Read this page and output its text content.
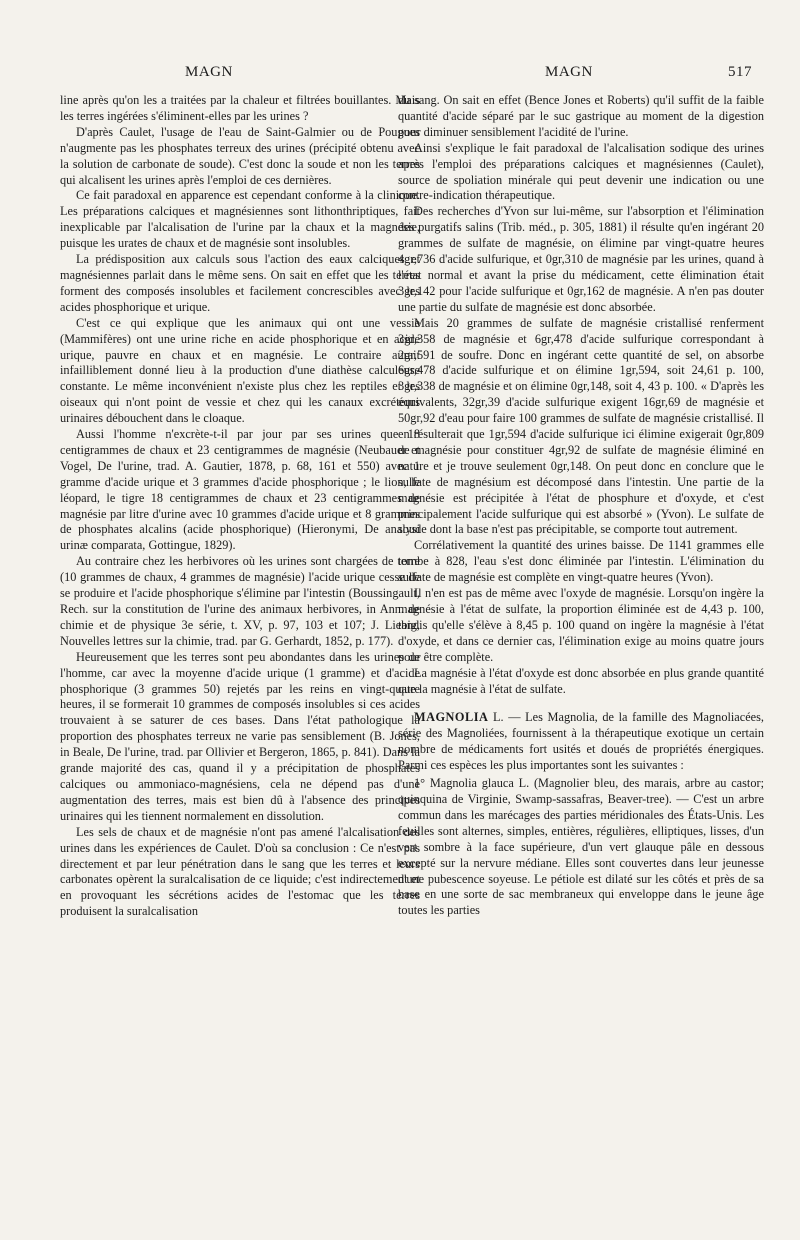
MAGN	MAGN	517

line après qu'on les a traitées par la chaleur et filtrées bouillantes. Mais les terres ingérées s'éliminent-elles par les urines ?

D'après Caulet, l'usage de l'eau de Saint-Galmier ou de Pougues n'augmente pas les phosphates terreux des urines (précipité obtenu avec la solution de carbonate de soude). C'est donc la soude et non les terres qui alcalisent les urines après l'emploi de ces dernières.

Ce fait paradoxal en apparence est cependant conforme à la clinique. Les préparations calciques et magnésiennes sont lithonthriptiques, fait inexplicable par l'alcalisation de l'urine par la chaux et la magnésie, puisque les urates de chaux et de magnésie sont insolubles.

La prédisposition aux calculs sous l'action des eaux calciques et magnésiennes parlait dans le même sens. On sait en effet que les terres forment des composés insolubles et facilement concrescibles avec les acides phosphorique et urique.

C'est ce qui explique que les animaux qui ont une vessie (Mammifères) ont une urine riche en acide phosphorique et en acide urique, pauvre en chaux et en magnésie. Le contraire aurait infailliblement donné lieu à la production d'une diathèse calculeuse constante. Le même inconvénient n'existe plus chez les reptiles et les oiseaux qui n'ont point de vessie et chez qui les canaux excréteurs urinaires débouchent dans le cloaque.

Aussi l'homme n'excrète-t-il par jour par ses urines que 18 centigrammes de chaux et 23 centigrammes de magnésie (Neubauer et Vogel, De l'urine, trad. A. Gautier, 1878, p. 68, 161 et 550) avec 1 gramme d'acide urique et 3 grammes d'acide phosphorique ; le lion, le léopard, le tigre 18 centigrammes de chaux et 23 centigrammes de magnésie par litre d'urine avec 10 grammes d'acide urique et 8 grammes de phosphates alcalins (acide phosphorique) (Hieronymi, De analysi urinæ comparata, Gottingue, 1829).

Au contraire chez les herbivores où les urines sont chargées de terre (10 grammes de chaux, 4 grammes de magnésie) l'acide urique cesse de se produire et l'acide phosphorique s'élimine par l'intestin (Boussingault, Rech. sur la constitution de l'urine des animaux herbivores, in Ann. de chimie et de physique 3e série, t. XV, p. 97, 103 et 107; J. Liebig, Nouvelles lettres sur la chimie, trad. par G. Gerhardt, 1852, p. 177).

Heureusement que les terres sont peu abondantes dans les urines de l'homme, car avec la moyenne d'acide urique (1 gramme) et d'acide phosphorique (3 grammes 50) rejetés par les reins en vingt-quatre heures, il se formerait 10 grammes de composés insolubles si ces acides trouvaient à se saturer de ces bases. Dans l'état pathologique la proportion des phosphates terreux ne varie pas sensiblement (B. Jones, in Beale, De l'urine, trad. par Ollivier et Bergeron, 1865, p. 841). Dans la grande majorité des cas, quand il y a précipitation de phosphates calciques ou ammoniaco-magnésiens, cela ne dépend pas d'une augmentation des terres, mais est bien dû à l'absence des principes urinaires qui les tiennent normalement en dissolution.

Les sels de chaux et de magnésie n'ont pas amené l'alcalisation des urines dans les expériences de Caulet. D'où sa conclusion : Ce n'est pas directement et par leur pénétration dans le sang que les terres et leurs carbonates opèrent la suralcalisation de ce liquide; c'est indirectement et en provoquant les sécrétions acides de l'estomac que les terres produisent la suralcalisation

du sang. On sait en effet (Bence Jones et Roberts) qu'il suffit de la faible quantité d'acide séparé par le suc gastrique au moment de la digestion pour diminuer sensiblement l'acidité de l'urine.

Ainsi s'explique le fait paradoxal de l'alcalisation sodique des urines après l'emploi des préparations calciques et magnésiennes (Caulet), source de spoliation minérale qui peut devenir une indication ou une contre-indication thérapeutique.

Des recherches d'Yvon sur lui-même, sur l'absorption et l'élimination des purgatifs salins (Trib. méd., p. 305, 1881) il résulte qu'en ingérant 20 grammes de sulfate de magnésie, on élimine par vingt-quatre heures 4gr,736 d'acide sulfurique, et 0gr,310 de magnésie par les urines, quand à l'état normal et avant la prise du médicament, cette élimination était 3gr,142 pour l'acide sulfurique et 0gr,162 de magnésie. A n'en pas douter une partie du sulfate de magnésie est donc absorbée.

Mais 20 grammes de sulfate de magnésie cristallisé renferment 3gr,358 de magnésie et 6gr,478 d'acide sulfurique correspondant à 2gr,591 de soufre. Donc en ingérant cette quantité de sel, on absorbe 6gr,478 d'acide sulfurique et on élimine 1gr,594, soit 24,61 p. 100, 3gr,338 de magnésie et on élimine 0gr,148, soit 4, 43 p. 100. « D'après les équivalents, 32gr,39 d'acide sulfurique exigent 16gr,69 de magnésie et 50gr,92 d'eau pour faire 100 grammes de sulfate de magnésie cristallisé. Il en résulterait que 1gr,594 d'acide sulfurique ici élimine exigerait 0gr,809 de magnésie pour constituer 4gr,92 de sulfate de magnésie éliminé en nature et je trouve seulement 0gr,148. On peut donc en conclure que le sulfate de magnésium est décomposé dans l'intestin. Une partie de la magnésie est précipitée à l'état de phosphure et d'oxyde, et c'est principalement l'acide sulfurique qui est absorbé » (Yvon). Le sulfate de soude dont la base n'est pas précipitable, se comporte tout autrement.

Corrélativement la quantité des urines baisse. De 1141 grammes elle tombe à 828, l'eau s'est donc éliminée par l'intestin. L'élimination du sulfate de magnésie est complète en vingt-quatre heures (Yvon).

Il n'en est pas de même avec l'oxyde de magnésie. Lorsqu'on ingère la magnésie à l'état de sulfate, la proportion éliminée est de 4,43 p. 100, tandis qu'elle s'élève à 8,45 p. 100 quand on ingère la magnésie à l'état d'oxyde, et dans ce dernier cas, l'élimination exige au moins quatre jours pour être complète.

La magnésie à l'état d'oxyde est donc absorbée en plus grande quantité que la magnésie à l'état de sulfate.

MAGNOLIA L. — Les Magnolia, de la famille des Magnoliacées, série des Magnoliées, fournissent à la thérapeutique exotique un certain nombre de médicaments fort usités et doués de propriétés énergiques. Parmi ces espèces les plus importantes sont les suivantes :

1° Magnolia glauca L. (Magnolier bleu, des marais, arbre au castor; quinquina de Virginie, Swamp-sassafras, Beaver-tree). — C'est un arbre commun dans les marécages des parties méridionales des États-Unis. Les feuilles sont alternes, simples, entières, régulières, elliptiques, lisses, d'un vert sombre à la face supérieure, d'un vert glauque pâle en dessous excepté sur la nervure médiane. Elles sont couvertes dans leur jeunesse d'une pubescence soyeuse. Le pétiole est dilaté sur les côtés et près de sa base en une sorte de sac membraneux qui enveloppe dans le jeune âge toutes les parties
